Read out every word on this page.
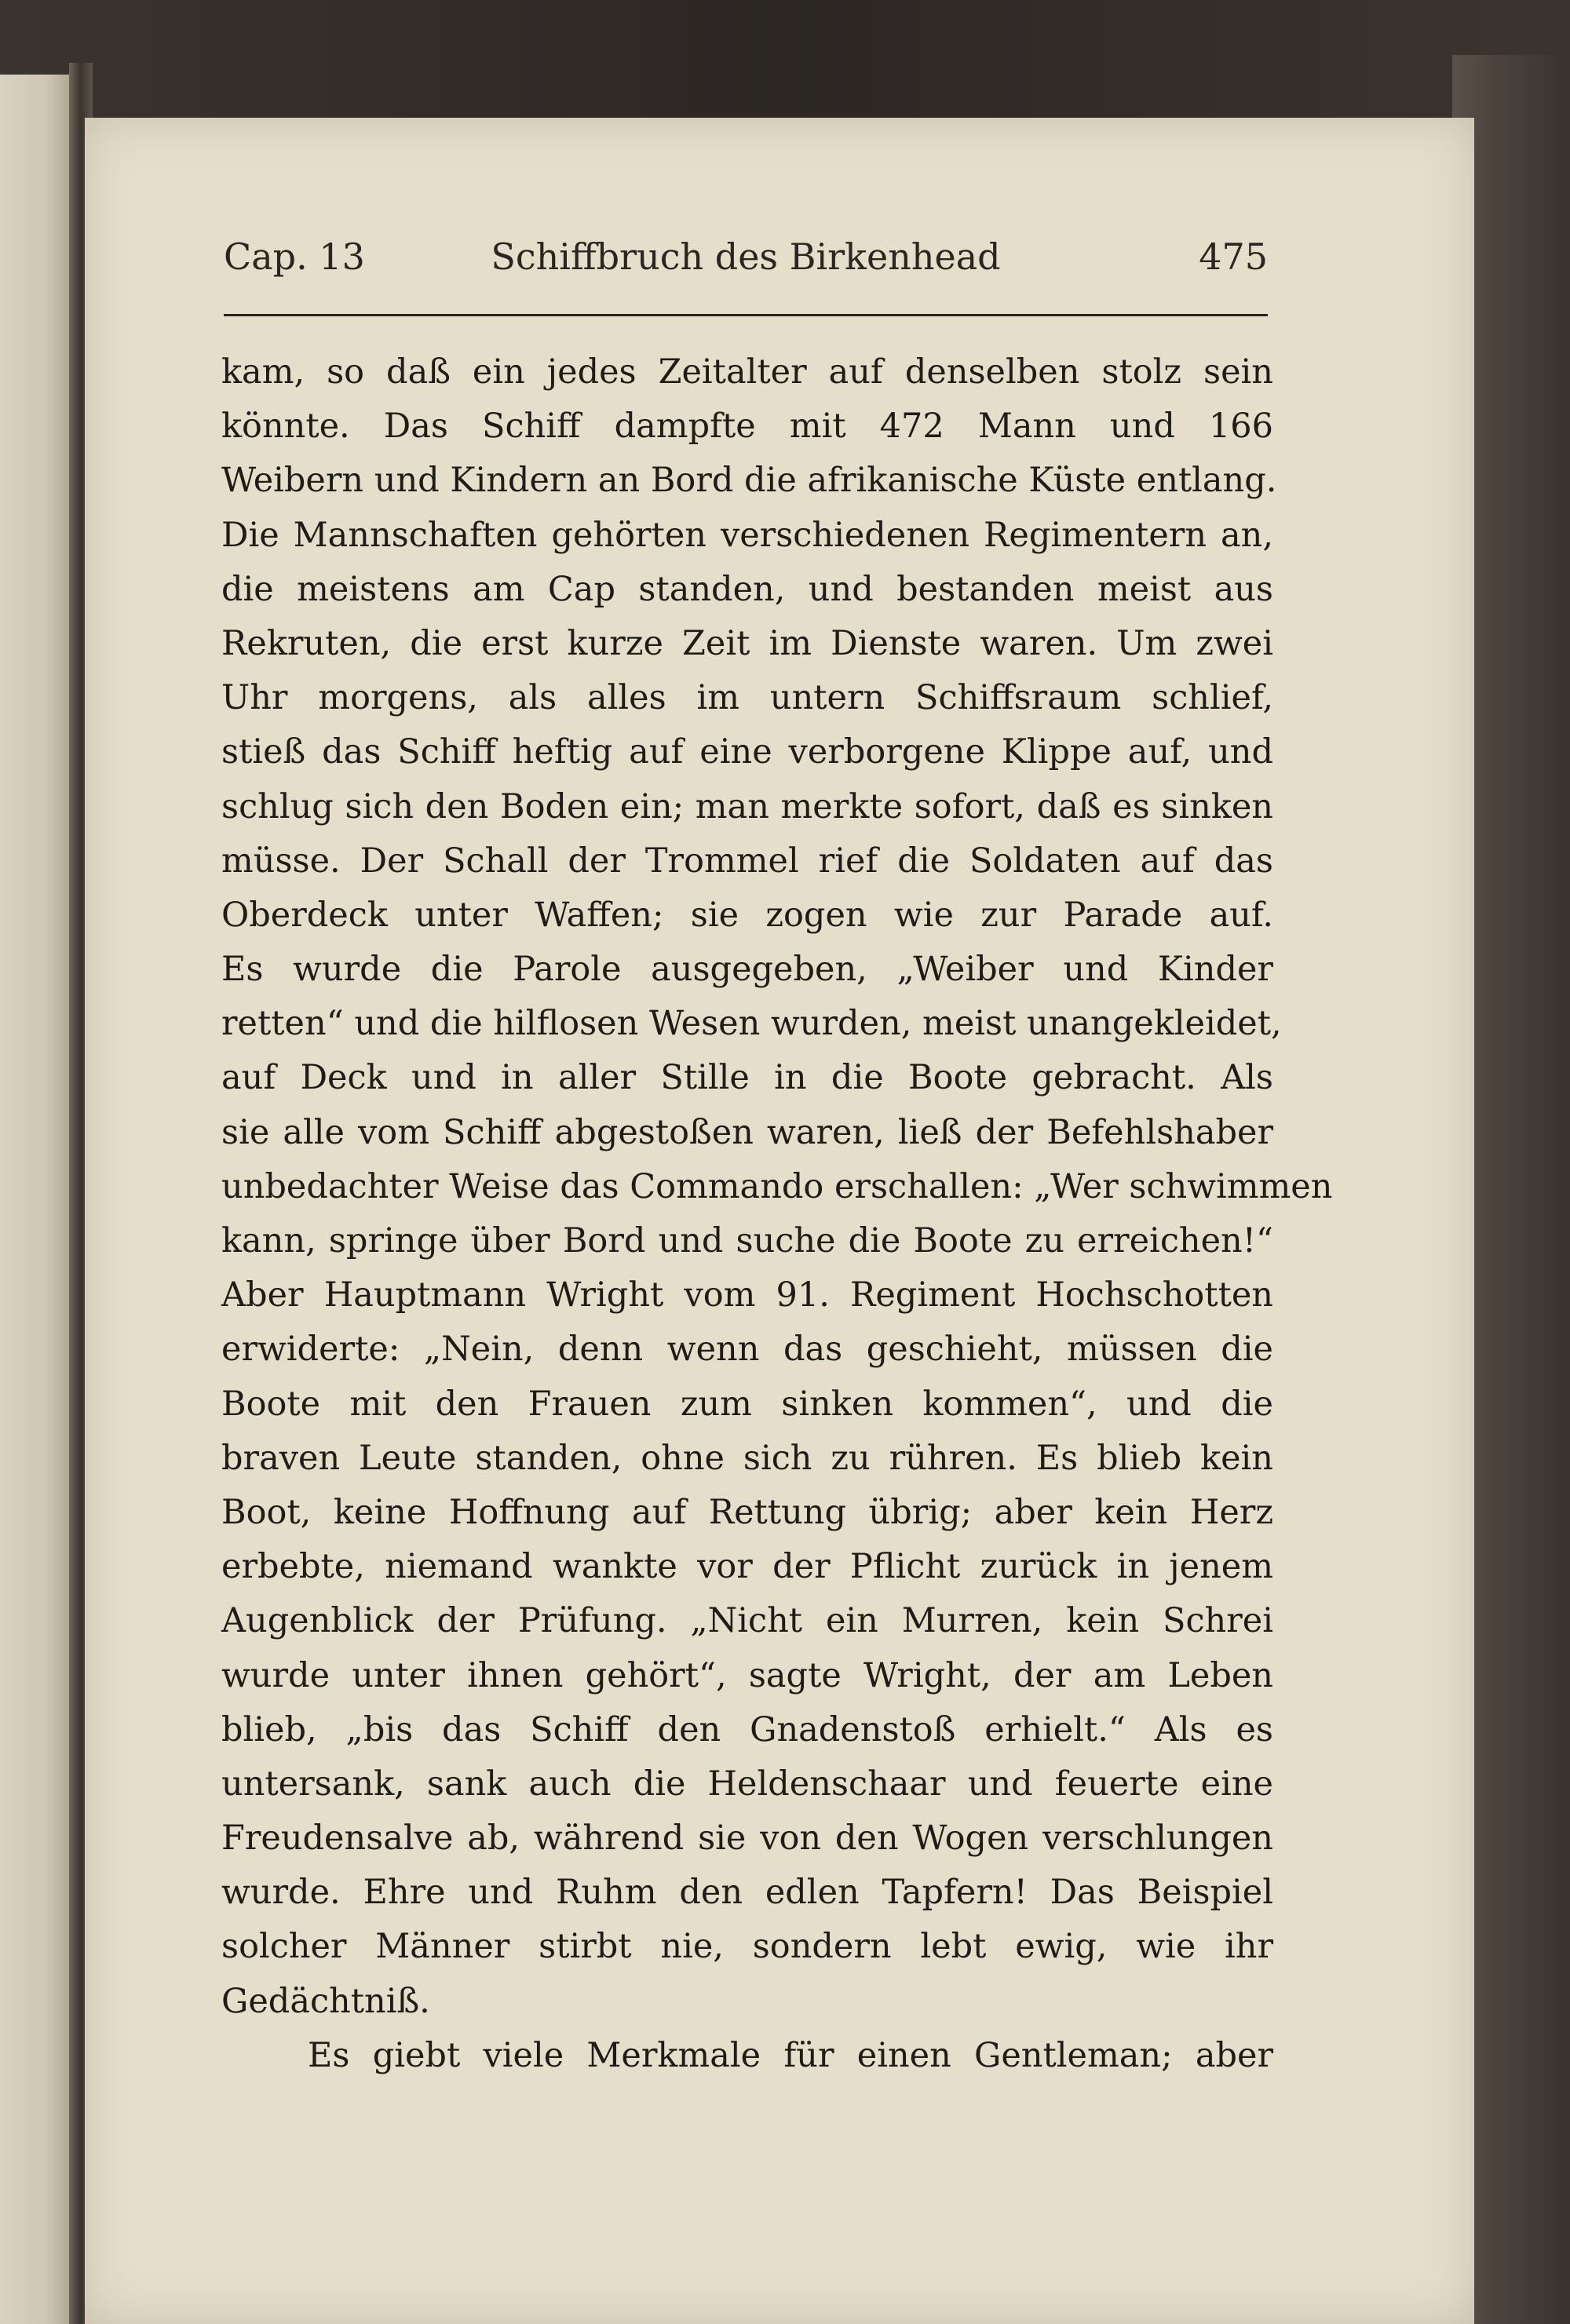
Cap. 13	Schiffbruch des Birkenhead	475
kam, so daß ein jedes Zeitalter auf denselben stolz sein
könnte. Das Schiff dampfte mit 472 Mann und 166
Weibern und Kindern an Bord die afrikanische Küste entlang.
Die Mannschaften gehörten verschiedenen Regimentern an,
die meistens am Cap standen, und bestanden meist aus
Rekruten, die erst kurze Zeit im Dienste waren. Um zwei
Uhr morgens, als alles im untern Schiffsraum schlief,
stieß das Schiff heftig auf eine verborgene Klippe auf, und
schlug sich den Boden ein; man merkte sofort, daß es sinken
müsse. Der Schall der Trommel rief die Soldaten auf das
Oberdeck unter Waffen; sie zogen wie zur Parade auf.
Es wurde die Parole ausgegeben, „Weiber und Kinder
retten“ und die hilflosen Wesen wurden, meist unangekleidet,
auf Deck und in aller Stille in die Boote gebracht. Als
sie alle vom Schiff abgestoßen waren, ließ der Befehlshaber
unbedachter Weise das Commando erschallen: „Wer schwimmen
kann, springe über Bord und suche die Boote zu erreichen!“
Aber Hauptmann Wright vom 91. Regiment Hochschotten
erwiderte: „Nein, denn wenn das geschieht, müssen die
Boote mit den Frauen zum sinken kommen“, und die
braven Leute standen, ohne sich zu rühren. Es blieb kein
Boot, keine Hoffnung auf Rettung übrig; aber kein Herz
erbebte, niemand wankte vor der Pflicht zurück in jenem
Augenblick der Prüfung. „Nicht ein Murren, kein Schrei
wurde unter ihnen gehört“, sagte Wright, der am Leben
blieb, „bis das Schiff den Gnadenstoß erhielt.“ Als es
untersank, sank auch die Heldenschaar und feuerte eine
Freudensalve ab, während sie von den Wogen verschlungen
wurde. Ehre und Ruhm den edlen Tapfern! Das Beispiel
solcher Männer stirbt nie, sondern lebt ewig, wie ihr
Gedächtniß.
Es giebt viele Merkmale für einen Gentleman; aber
